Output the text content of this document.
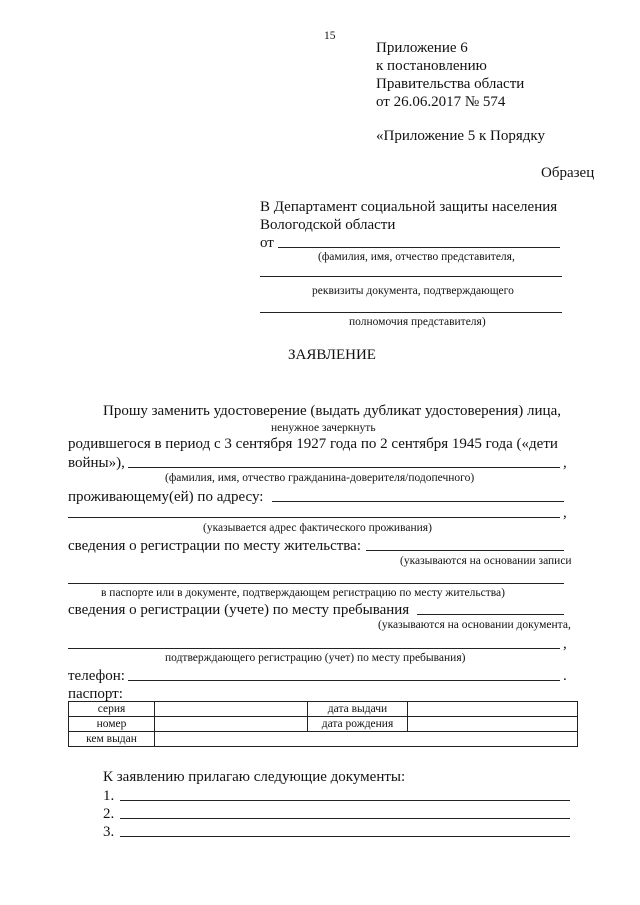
15
Приложение 6
к постановлению
Правительства области
от 26.06.2017 № 574
«Приложение 5 к Порядку
Образец
В Департамент социальной защиты населения
Вологодской области
от
(фамилия, имя, отчество представителя,
реквизиты документа, подтверждающего
полномочия представителя)
ЗАЯВЛЕНИЕ
Прошу заменить удостоверение (выдать дубликат удостоверения) лица,
ненужное зачеркнуть
родившегося в период с 3 сентября 1927 года по 2 сентября 1945 года («дети
войны»),	,
(фамилия, имя, отчество гражданина-доверителя/подопечного)
проживающему(ей) по адресу:
,
(указывается адрес фактического проживания)
сведения о регистрации по месту жительства:
(указываются на основании записи
в паспорте или в документе, подтверждающем регистрацию по месту жительства)
сведения о регистрации (учете) по месту пребывания
(указываются на основании документа,
,
подтверждающего регистрацию (учет) по месту пребывания)
телефон:	.
паспорт:
серия		дата выдачи	
номер		дата рождения	
кем выдан			
К заявлению прилагаю следующие документы:
1.
2.
3.
